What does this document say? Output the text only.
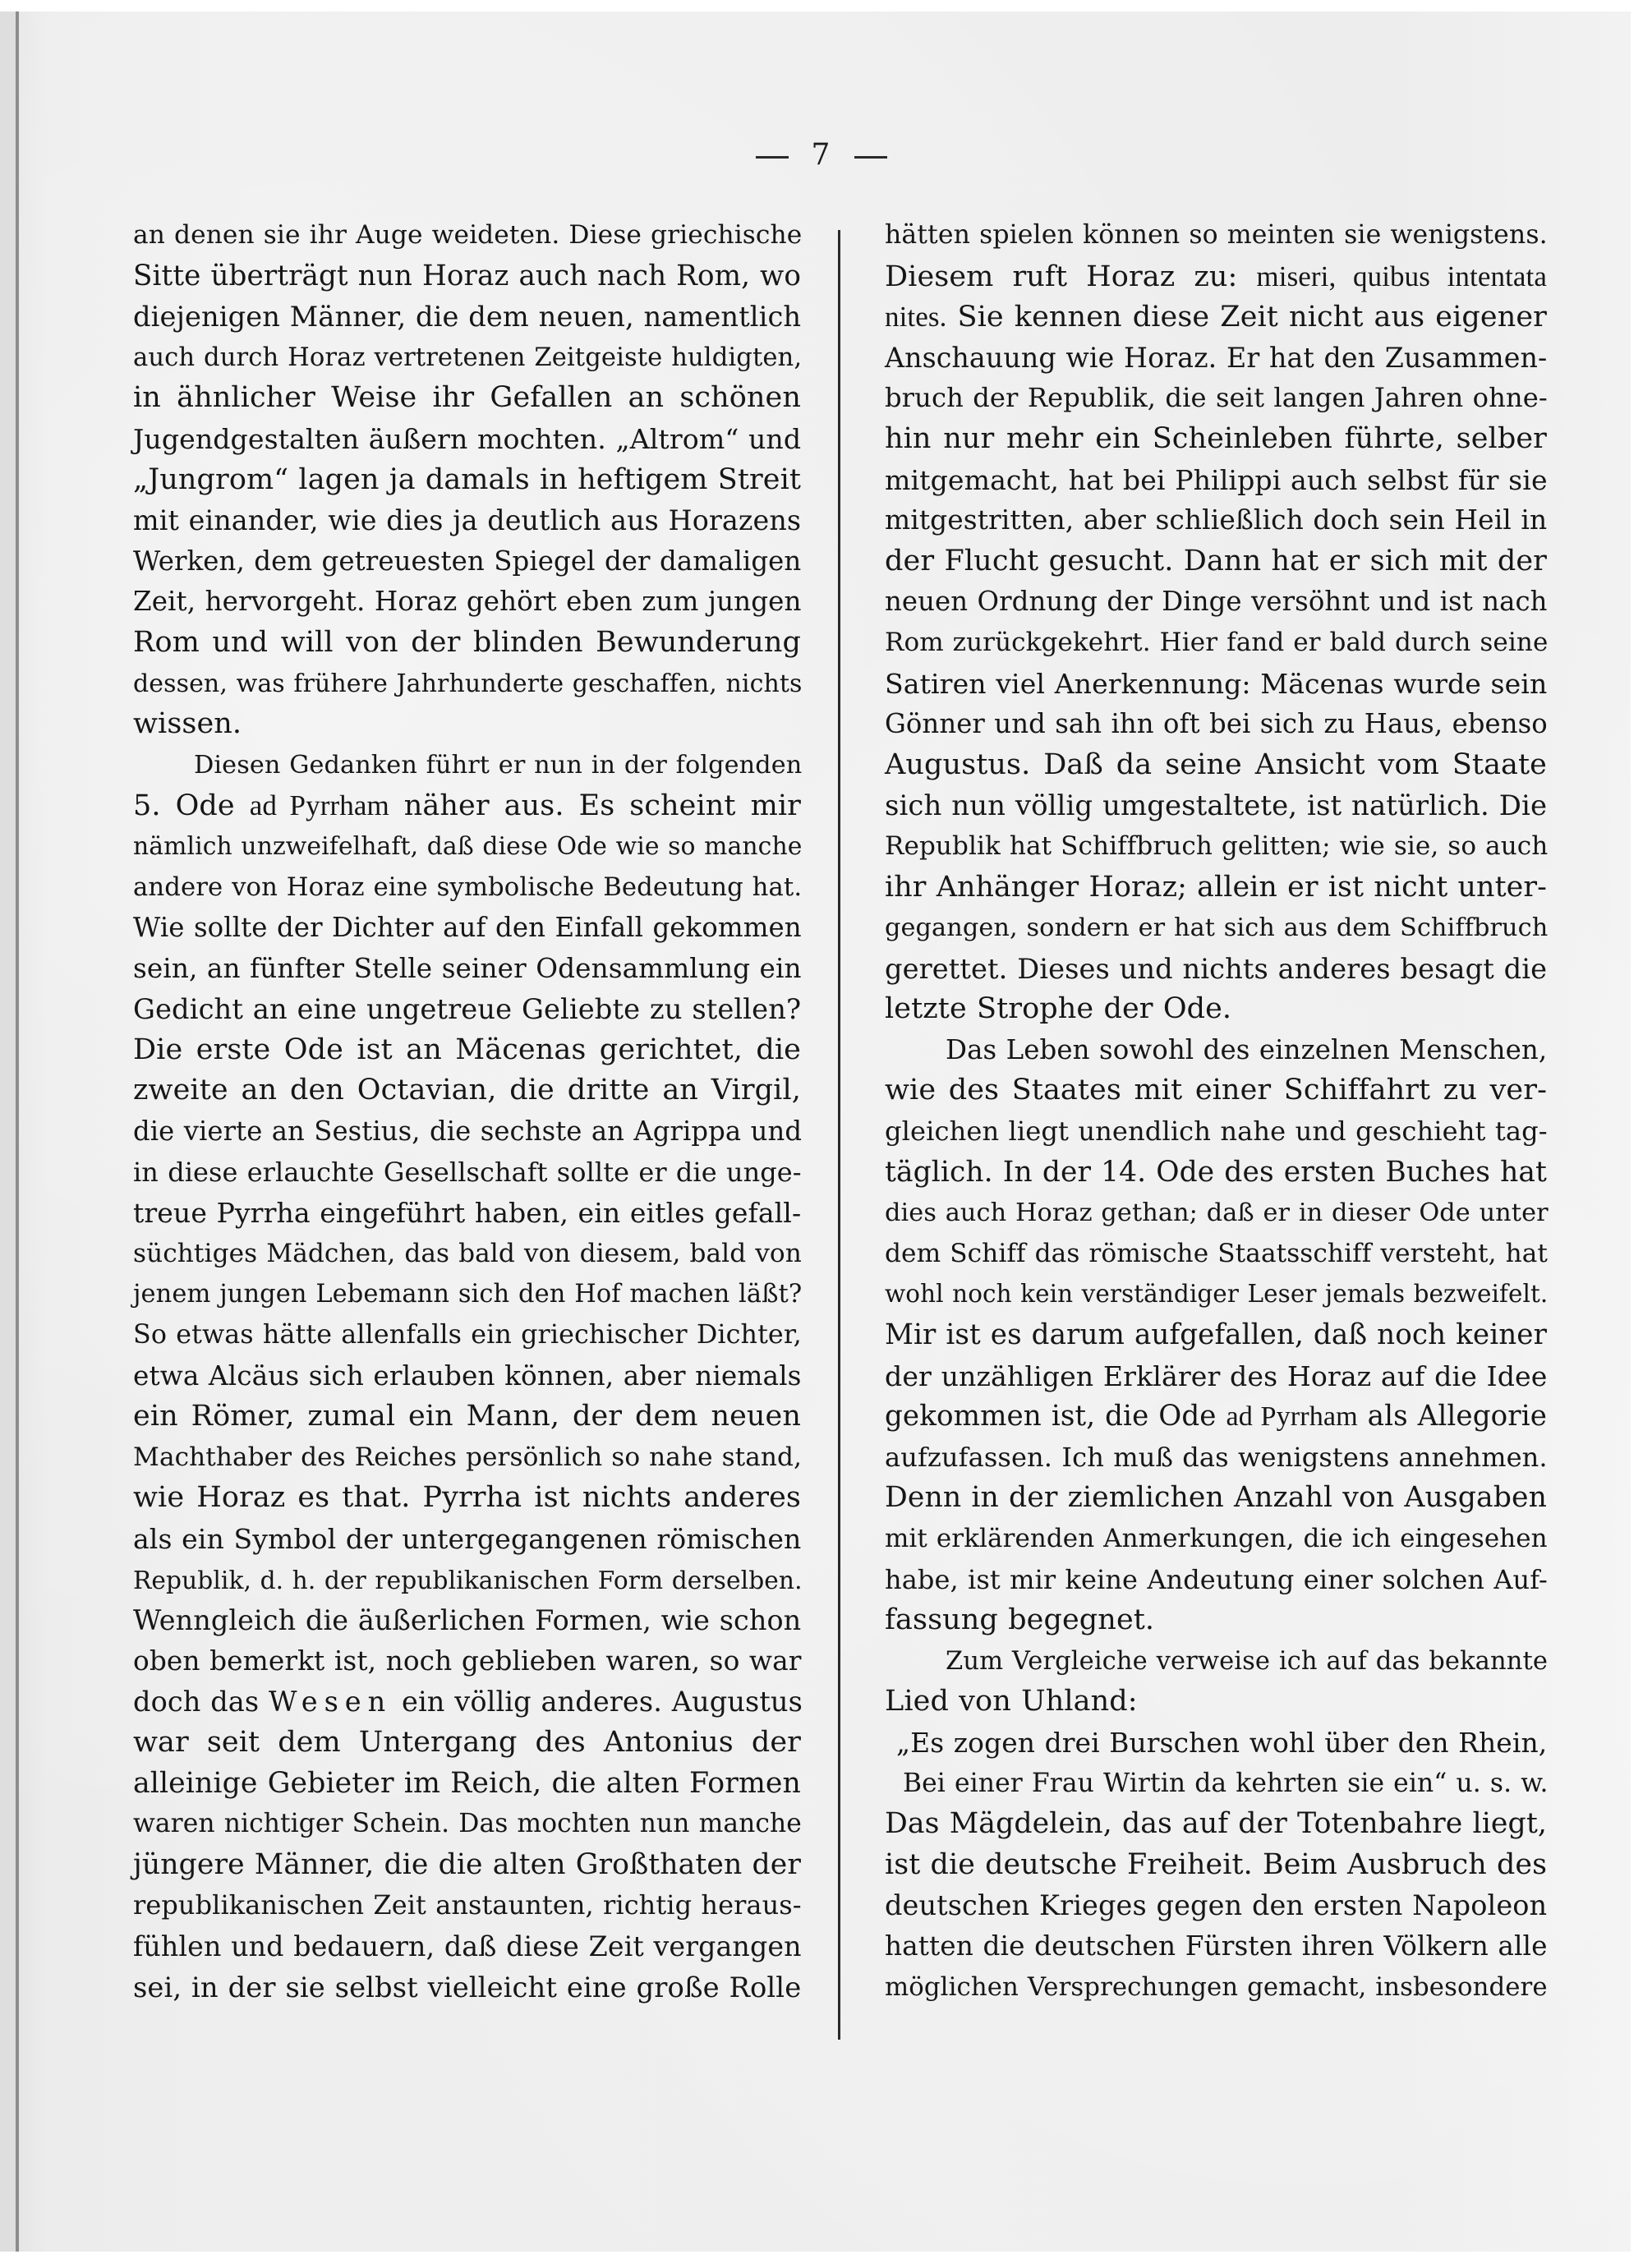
7
an denen sie ihr Auge weideten. Diese griechische
Sitte überträgt nun Horaz auch nach Rom, wo
diejenigen Männer, die dem neuen, namentlich
auch durch Horaz vertretenen Zeitgeiste huldigten,
in ähnlicher Weise ihr Gefallen an schönen
Jugendgestalten äußern mochten. „Altrom“ und
„Jungrom“ lagen ja damals in heftigem Streit
mit einander, wie dies ja deutlich aus Horazens
Werken, dem getreuesten Spiegel der damaligen
Zeit, hervorgeht. Horaz gehört eben zum jungen
Rom und will von der blinden Bewunderung
dessen, was frühere Jahrhunderte geschaffen, nichts
wissen.
Diesen Gedanken führt er nun in der folgenden
5. Ode ad Pyrrham näher aus. Es scheint mir
nämlich unzweifelhaft, daß diese Ode wie so manche
andere von Horaz eine symbolische Bedeutung hat.
Wie sollte der Dichter auf den Einfall gekommen
sein, an fünfter Stelle seiner Odensammlung ein
Gedicht an eine ungetreue Geliebte zu stellen?
Die erste Ode ist an Mäcenas gerichtet, die
zweite an den Octavian, die dritte an Virgil,
die vierte an Sestius, die sechste an Agrippa und
in diese erlauchte Gesellschaft sollte er die unge-
treue Pyrrha eingeführt haben, ein eitles gefall-
süchtiges Mädchen, das bald von diesem, bald von
jenem jungen Lebemann sich den Hof machen läßt?
So etwas hätte allenfalls ein griechischer Dichter,
etwa Alcäus sich erlauben können, aber niemals
ein Römer, zumal ein Mann, der dem neuen
Machthaber des Reiches persönlich so nahe stand,
wie Horaz es that. Pyrrha ist nichts anderes
als ein Symbol der untergegangenen römischen
Republik, d. h. der republikanischen Form derselben.
Wenngleich die äußerlichen Formen, wie schon
oben bemerkt ist, noch geblieben waren, so war
doch das Wesen ein völlig anderes. Augustus
war seit dem Untergang des Antonius der
alleinige Gebieter im Reich, die alten Formen
waren nichtiger Schein. Das mochten nun manche
jüngere Männer, die die alten Großthaten der
republikanischen Zeit anstaunten, richtig heraus-
fühlen und bedauern, daß diese Zeit vergangen
sei, in der sie selbst vielleicht eine große Rolle
hätten spielen können so meinten sie wenigstens.
Diesem ruft Horaz zu: miseri, quibus intentata
nites. Sie kennen diese Zeit nicht aus eigener
Anschauung wie Horaz. Er hat den Zusammen-
bruch der Republik, die seit langen Jahren ohne-
hin nur mehr ein Scheinleben führte, selber
mitgemacht, hat bei Philippi auch selbst für sie
mitgestritten, aber schließlich doch sein Heil in
der Flucht gesucht. Dann hat er sich mit der
neuen Ordnung der Dinge versöhnt und ist nach
Rom zurückgekehrt. Hier fand er bald durch seine
Satiren viel Anerkennung: Mäcenas wurde sein
Gönner und sah ihn oft bei sich zu Haus, ebenso
Augustus. Daß da seine Ansicht vom Staate
sich nun völlig umgestaltete, ist natürlich. Die
Republik hat Schiffbruch gelitten; wie sie, so auch
ihr Anhänger Horaz; allein er ist nicht unter-
gegangen, sondern er hat sich aus dem Schiffbruch
gerettet. Dieses und nichts anderes besagt die
letzte Strophe der Ode.
Das Leben sowohl des einzelnen Menschen,
wie des Staates mit einer Schiffahrt zu ver-
gleichen liegt unendlich nahe und geschieht tag-
täglich. In der 14. Ode des ersten Buches hat
dies auch Horaz gethan; daß er in dieser Ode unter
dem Schiff das römische Staatsschiff versteht, hat
wohl noch kein verständiger Leser jemals bezweifelt.
Mir ist es darum aufgefallen, daß noch keiner
der unzähligen Erklärer des Horaz auf die Idee
gekommen ist, die Ode ad Pyrrham als Allegorie
aufzufassen. Ich muß das wenigstens annehmen.
Denn in der ziemlichen Anzahl von Ausgaben
mit erklärenden Anmerkungen, die ich eingesehen
habe, ist mir keine Andeutung einer solchen Auf-
fassung begegnet.
Zum Vergleiche verweise ich auf das bekannte
Lied von Uhland:
„Es zogen drei Burschen wohl über den Rhein,
Bei einer Frau Wirtin da kehrten sie ein“ u. s. w.
Das Mägdelein, das auf der Totenbahre liegt,
ist die deutsche Freiheit. Beim Ausbruch des
deutschen Krieges gegen den ersten Napoleon
hatten die deutschen Fürsten ihren Völkern alle
möglichen Versprechungen gemacht, insbesondere
